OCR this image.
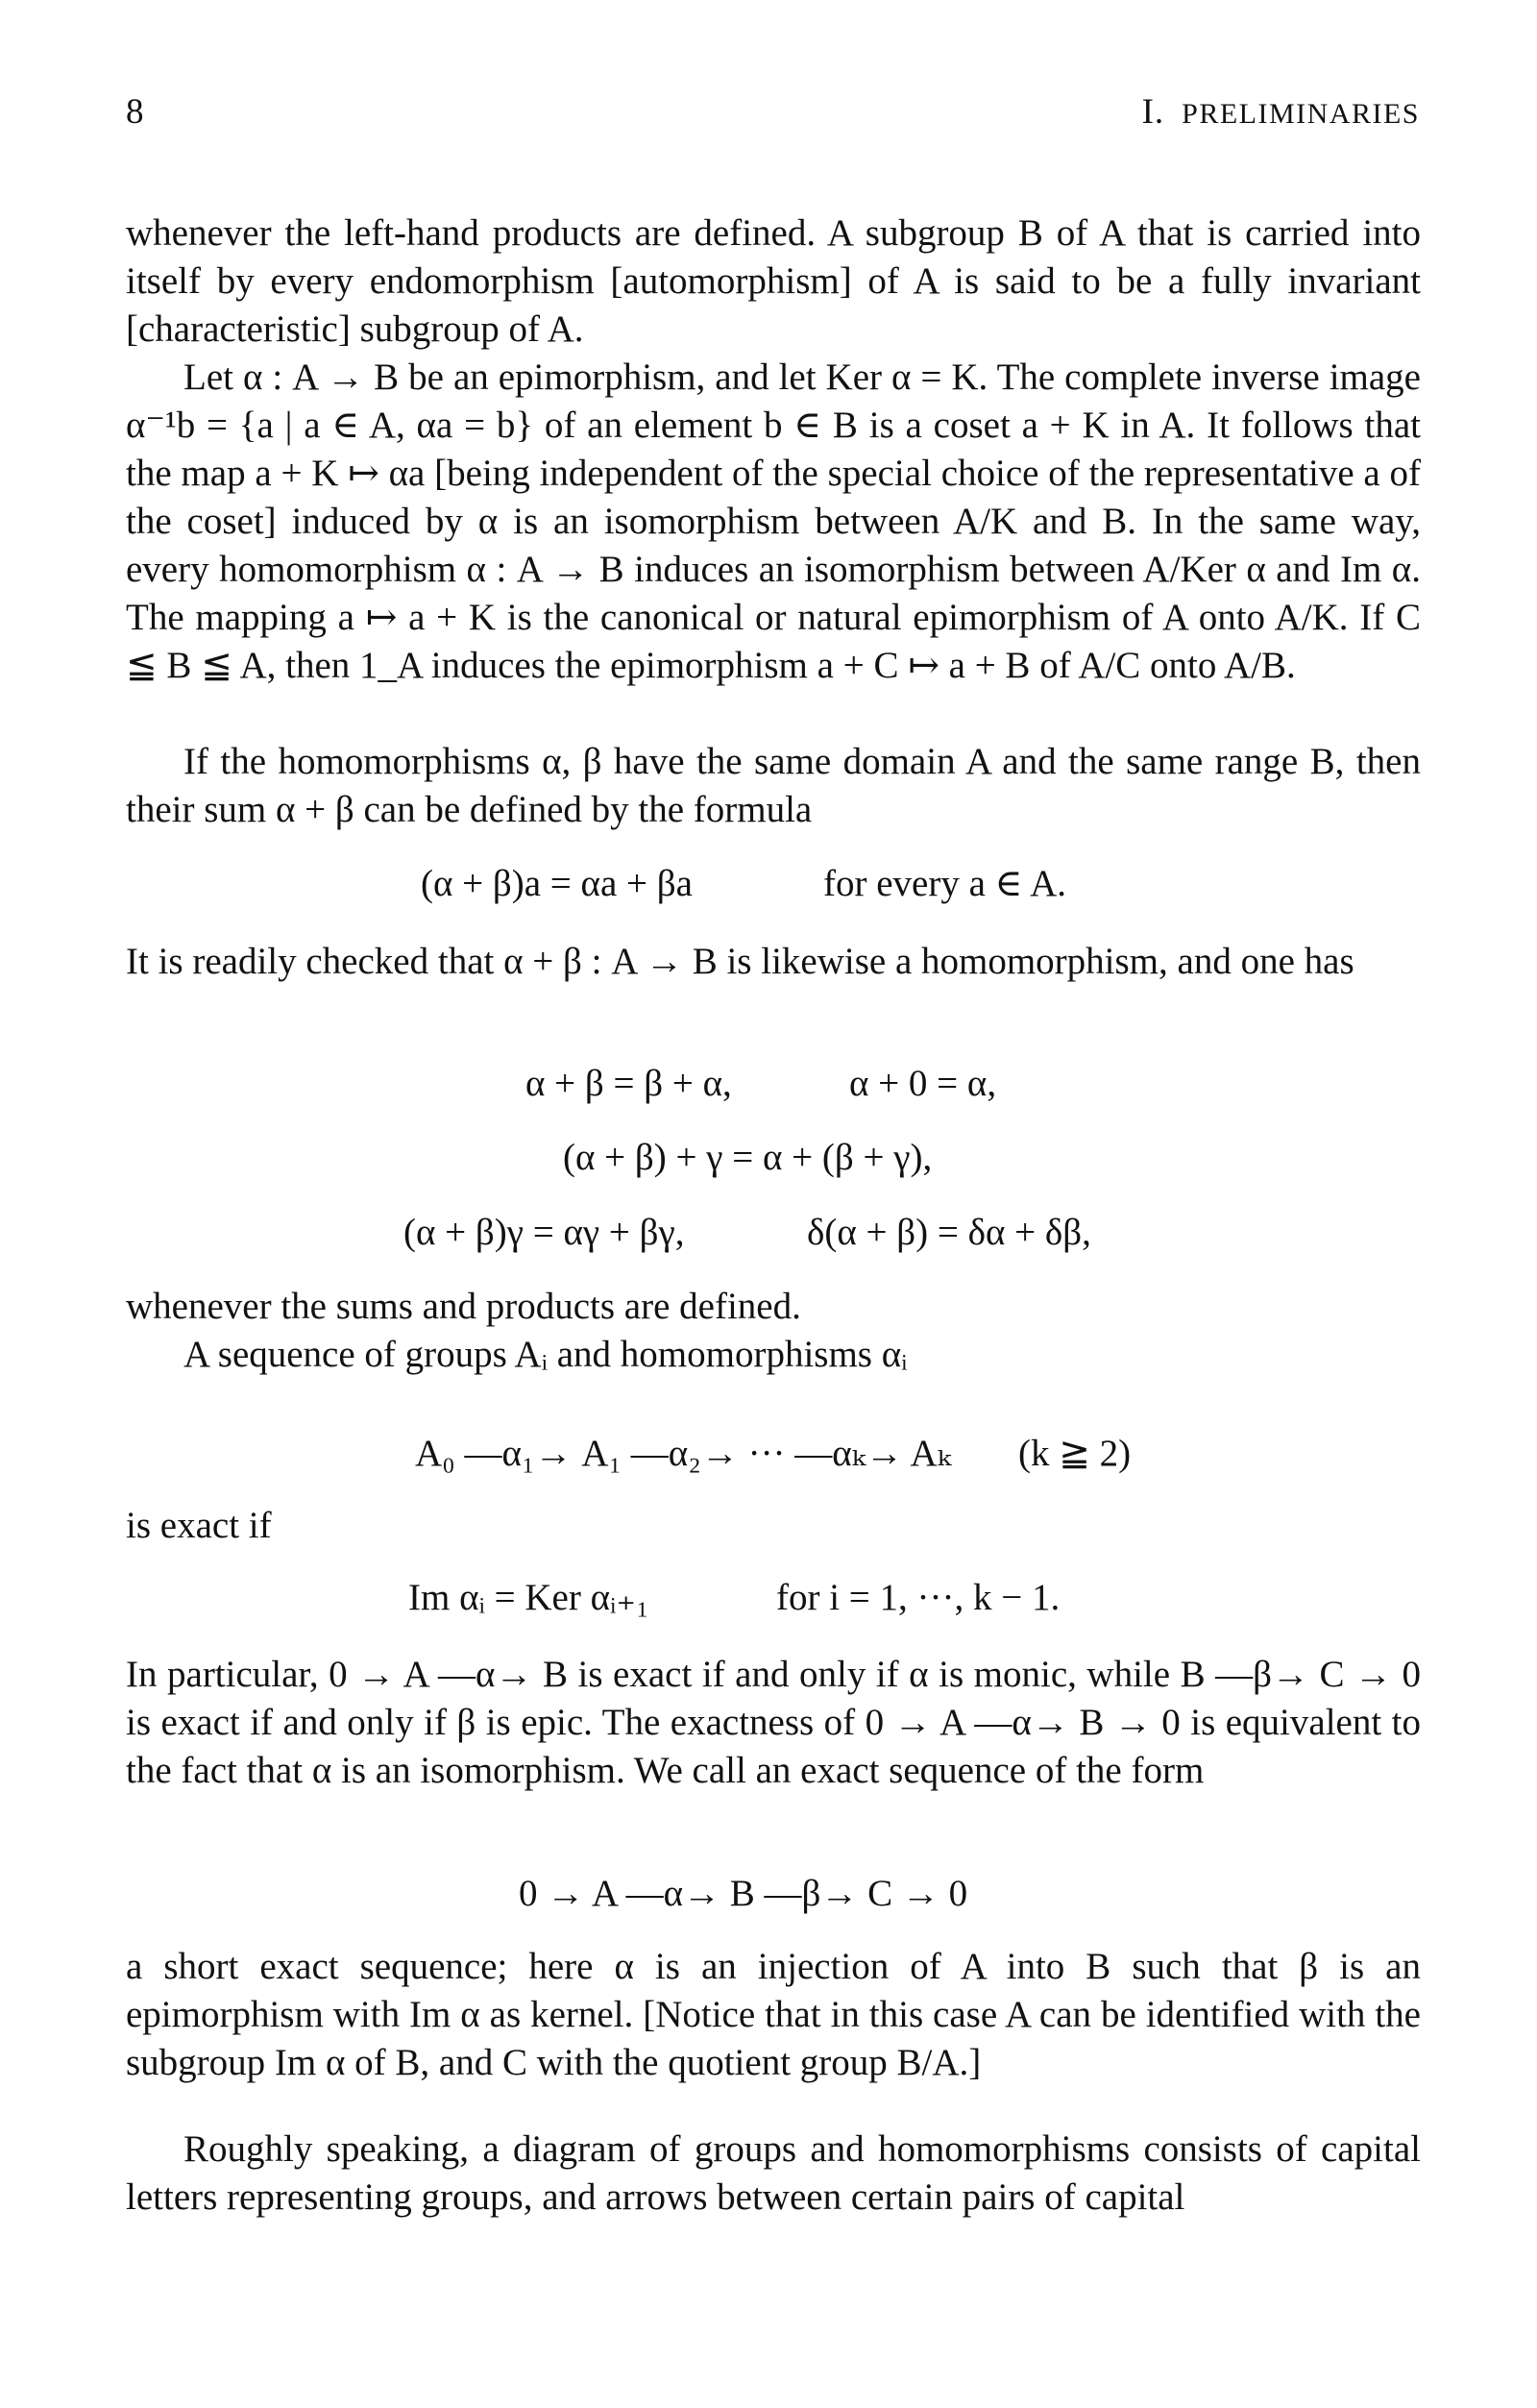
8	I. PRELIMINARIES

whenever the left-hand products are defined. A subgroup B of A that is carried into itself by every endomorphism [automorphism] of A is said to be a fully invariant [characteristic] subgroup of A.

Let α : A → B be an epimorphism, and let Ker α = K. The complete inverse image α⁻¹b = {a | a ∈ A, αa = b} of an element b ∈ B is a coset a + K in A. It follows that the map a + K ↦ αa [being independent of the special choice of the representative a of the coset] induced by α is an isomorphism between A/K and B. In the same way, every homomorphism α : A → B induces an isomorphism between A/Ker α and Im α. The mapping a ↦ a + K is the canonical or natural epimorphism of A onto A/K. If C ≦ B ≦ A, then 1_A induces the epimorphism a + C ↦ a + B of A/C onto A/B.

If the homomorphisms α, β have the same domain A and the same range B, then their sum α + β can be defined by the formula

(α + β)a = αa + βa	for every a ∈ A.

It is readily checked that α + β : A → B is likewise a homomorphism, and one has

α + β = β + α,	α + 0 = α,
(α + β) + γ = α + (β + γ),
(α + β)γ = αγ + βγ,	δ(α + β) = δα + δβ,

whenever the sums and products are defined.

A sequence of groups Aᵢ and homomorphisms αᵢ

A₀ —α₁→ A₁ —α₂→ ··· —αₖ→ Aₖ (k ≧ 2)

is exact if

Im αᵢ = Ker αᵢ₊₁	for i = 1, ···, k − 1.

In particular, 0 → A —α→ B is exact if and only if α is monic, while B —β→ C → 0 is exact if and only if β is epic. The exactness of 0 → A —α→ B → 0 is equivalent to the fact that α is an isomorphism. We call an exact sequence of the form

0 → A —α→ B —β→ C → 0

a short exact sequence; here α is an injection of A into B such that β is an epimorphism with Im α as kernel. [Notice that in this case A can be identified with the subgroup Im α of B, and C with the quotient group B/A.]

Roughly speaking, a diagram of groups and homomorphisms consists of capital letters representing groups, and arrows between certain pairs of capital
